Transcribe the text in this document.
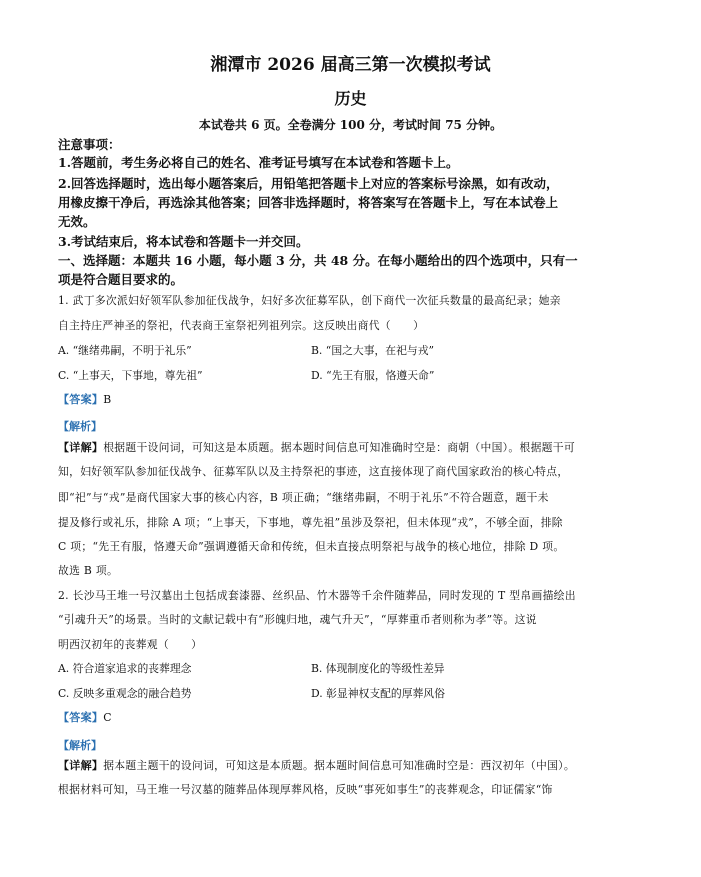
湘潭市 2026 届高三第一次模拟考试
历史
本试卷共 6 页。全卷满分 100 分，考试时间 75 分钟。
注意事项：
1.答题前，考生务必将自己的姓名、准考证号填写在本试卷和答题卡上。
2.回答选择题时，选出每小题答案后，用铅笔把答题卡上对应的答案标号涂黑，如有改动，
用橡皮擦干净后，再选涂其他答案；回答非选择题时，将答案写在答题卡上，写在本试卷上
无效。
3.考试结束后，将本试卷和答题卡一并交回。
一、选择题：本题共 16 小题，每小题 3 分，共 48 分。在每小题给出的四个选项中，只有一
项是符合题目要求的。
1. 武丁多次派妇好领军队参加征伐战争，妇好多次征募军队，创下商代一次征兵数量的最高纪录；她亲
自主持庄严神圣的祭祀，代表商王室祭祀列祖列宗。这反映出商代（　　）
A. “继绪弗嗣，不明于礼乐”	B. “国之大事，在祀与戎”
C. “上事天，下事地，尊先祖”	D. “先王有服，恪遵天命”
【答案】B
【解析】
【详解】根据题干设问词，可知这是本质题。据本题时间信息可知准确时空是：商朝（中国）。根据题干可
知，妇好领军队参加征伐战争、征募军队以及主持祭祀的事迹，这直接体现了商代国家政治的核心特点，
即“祀”与“戎”是商代国家大事的核心内容，B 项正确；“继绪弗嗣，不明于礼乐”不符合题意，题干未
提及修行或礼乐，排除 A 项；“上事天，下事地，尊先祖”虽涉及祭祀，但未体现“戎”，不够全面，排除
C 项；“先王有服，恪遵天命”强调遵循天命和传统，但未直接点明祭祀与战争的核心地位，排除 D 项。
故选 B 项。
2. 长沙马王堆一号汉墓出土包括成套漆器、丝织品、竹木器等千余件随葬品，同时发现的 T 型帛画描绘出
“引魂升天”的场景。当时的文献记载中有“形魄归地，魂气升天”，“厚葬重币者则称为孝”等。这说
明西汉初年的丧葬观（　　）
A. 符合道家追求的丧葬理念	B. 体现制度化的等级性差异
C. 反映多重观念的融合趋势	D. 彰显神权支配的厚葬风俗
【答案】C
【解析】
【详解】据本题主题干的设问词，可知这是本质题。据本题时间信息可知准确时空是：西汉初年（中国）。
根据材料可知，马王堆一号汉墓的随葬品体现厚葬风格，反映“事死如事生”的丧葬观念，印证儒家“饰
